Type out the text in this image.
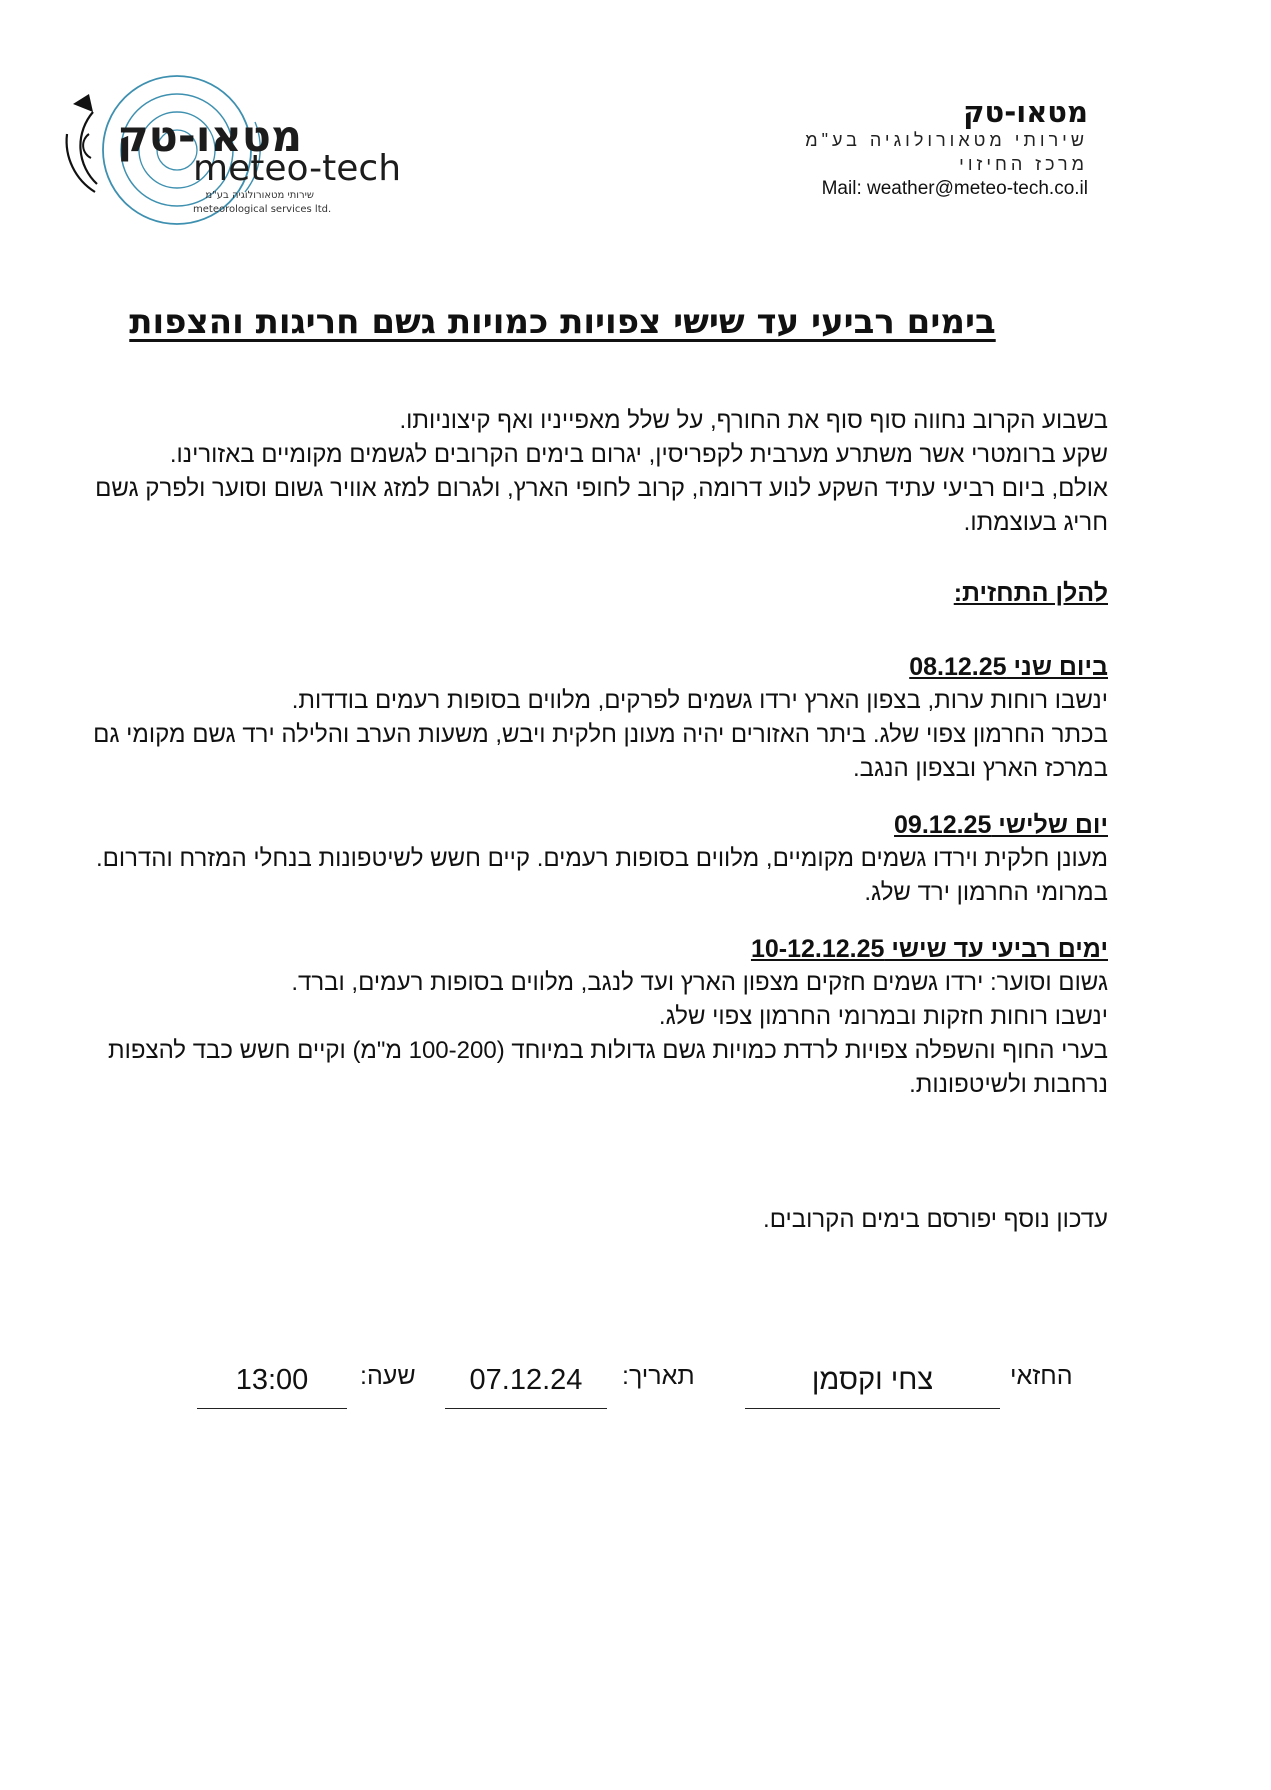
מטאו-טק
meteo-tech
שירותי מטאורולוגיה בע"מ
meteorological services ltd.
מטאו-טק
שירותי מטאורולוגיה בע"מ
מרכז החיזוי
Mail: weather@meteo-tech.co.il
בימים רביעי עד שישי צפויות כמויות גשם חריגות והצפות

בשבוע הקרוב נחווה סוף סוף את החורף, על שלל מאפייניו ואף קיצוניותו.

שקע ברומטרי אשר משתרע מערבית לקפריסין, יגרום בימים הקרובים לגשמים מקומיים באזורינו.

אולם, ביום רביעי עתיד השקע לנוע דרומה, קרוב לחופי הארץ, ולגרום למזג אוויר גשום וסוער ולפרק גשם חריג בעוצמתו.

להלן התחזית:
ביום שני 08.12.25

ינשבו רוחות ערות, בצפון הארץ ירדו גשמים לפרקים, מלווים בסופות רעמים בודדות.

בכתר החרמון צפוי שלג. ביתר האזורים יהיה מעונן חלקית ויבש, משעות הערב והלילה ירד גשם מקומי גם במרכז הארץ ובצפון הנגב.

יום שלישי 09.12.25

מעונן חלקית וירדו גשמים מקומיים, מלווים בסופות רעמים. קיים חשש לשיטפונות בנחלי המזרח והדרום. במרומי החרמון ירד שלג.

ימים רביעי עד שישי 10-12.12.25

גשום וסוער: ירדו גשמים חזקים מצפון הארץ ועד לנגב, מלווים בסופות רעמים, וברד.

ינשבו רוחות חזקות ובמרומי החרמון צפוי שלג.

בערי החוף והשפלה צפויות לרדת כמויות גשם גדולות במיוחד (100-200 מ"מ) וקיים חשש כבד להצפות נרחבות ולשיטפונות.

עדכון נוסף יפורסם בימים הקרובים.
החזאי
צחי וקסמן
תאריך:
07.12.24
שעה:
13:00
